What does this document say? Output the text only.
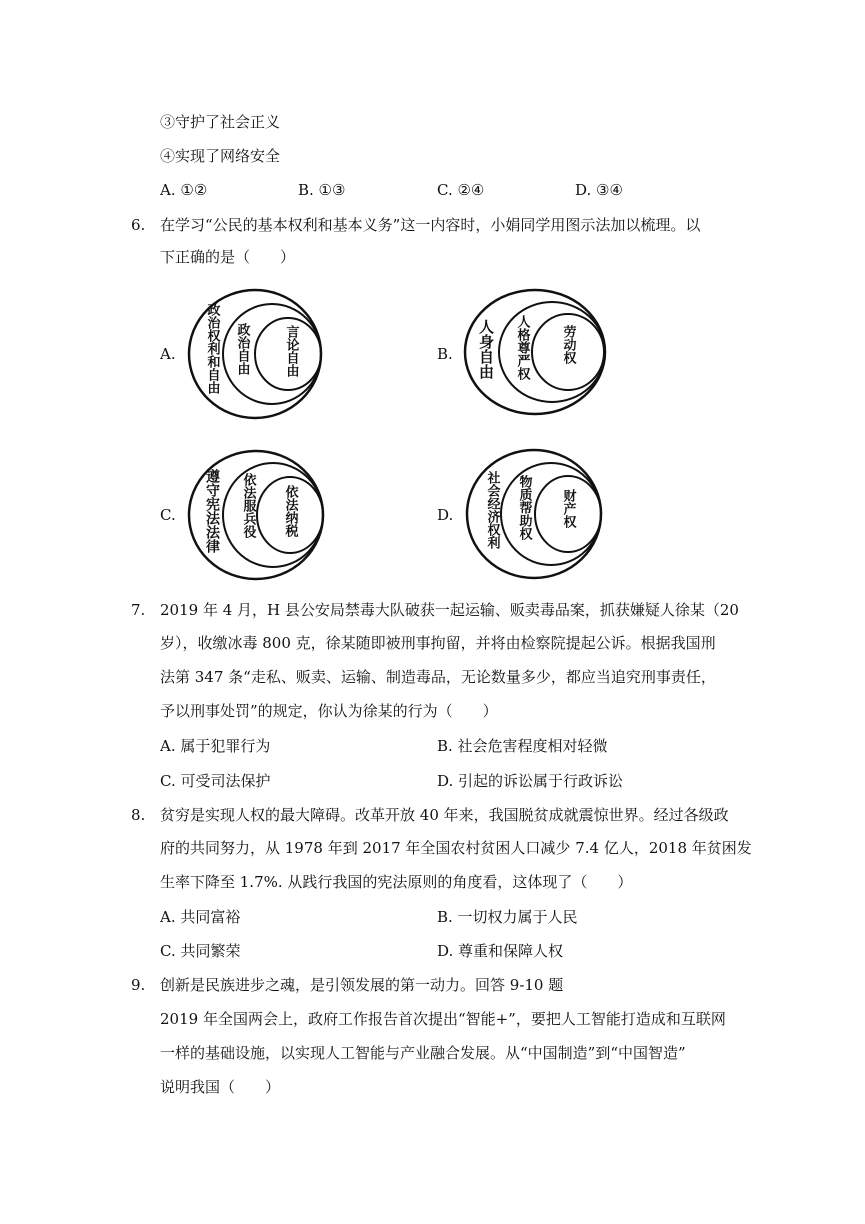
③守护了社会正义
④实现了网络安全
A. ①②	B. ①③	C. ②④	D. ③④
6. 在学习“公民的基本权利和基本义务”这一内容时，小娟同学用图示法加以梳理。以
下正确的是（　　）
A. 政治权利和自由 政治自由	言论自由	B. 人身自由 人格尊严权 劳动权
C. 遵守宪法法律 依法服兵役 依法纳税	D. 社会经济权利 物质帮助权 财产权
7. 2019 年 4 月，H 县公安局禁毒大队破获一起运输、贩卖毒品案，抓获嫌疑人徐某（20
岁），收缴冰毒 800 克，徐某随即被刑事拘留，并将由检察院提起公诉。根据我国刑
法第 347 条“走私、贩卖、运输、制造毒品，无论数量多少，都应当追究刑事责任，
予以刑事处罚”的规定，你认为徐某的行为（　　）
A. 属于犯罪行为	B. 社会危害程度相对轻微
C. 可受司法保护	D. 引起的诉讼属于行政诉讼
8. 贫穷是实现人权的最大障碍。改革开放 40 年来，我国脱贫成就震惊世界。经过各级政
府的共同努力，从 1978 年到 2017 年全国农村贫困人口减少 7.4 亿人，2018 年贫困发
生率下降至 1.7%. 从践行我国的宪法原则的角度看，这体现了（　　）
A. 共同富裕	B. 一切权力属于人民
C. 共同繁荣	D. 尊重和保障人权
9. 创新是民族进步之魂，是引领发展的第一动力。回答 9-10 题
2019 年全国两会上，政府工作报告首次提出“智能+”，要把人工智能打造成和互联网
一样的基础设施，以实现人工智能与产业融合发展。从“中国制造”到“中国智造”
说明我国（　　）
